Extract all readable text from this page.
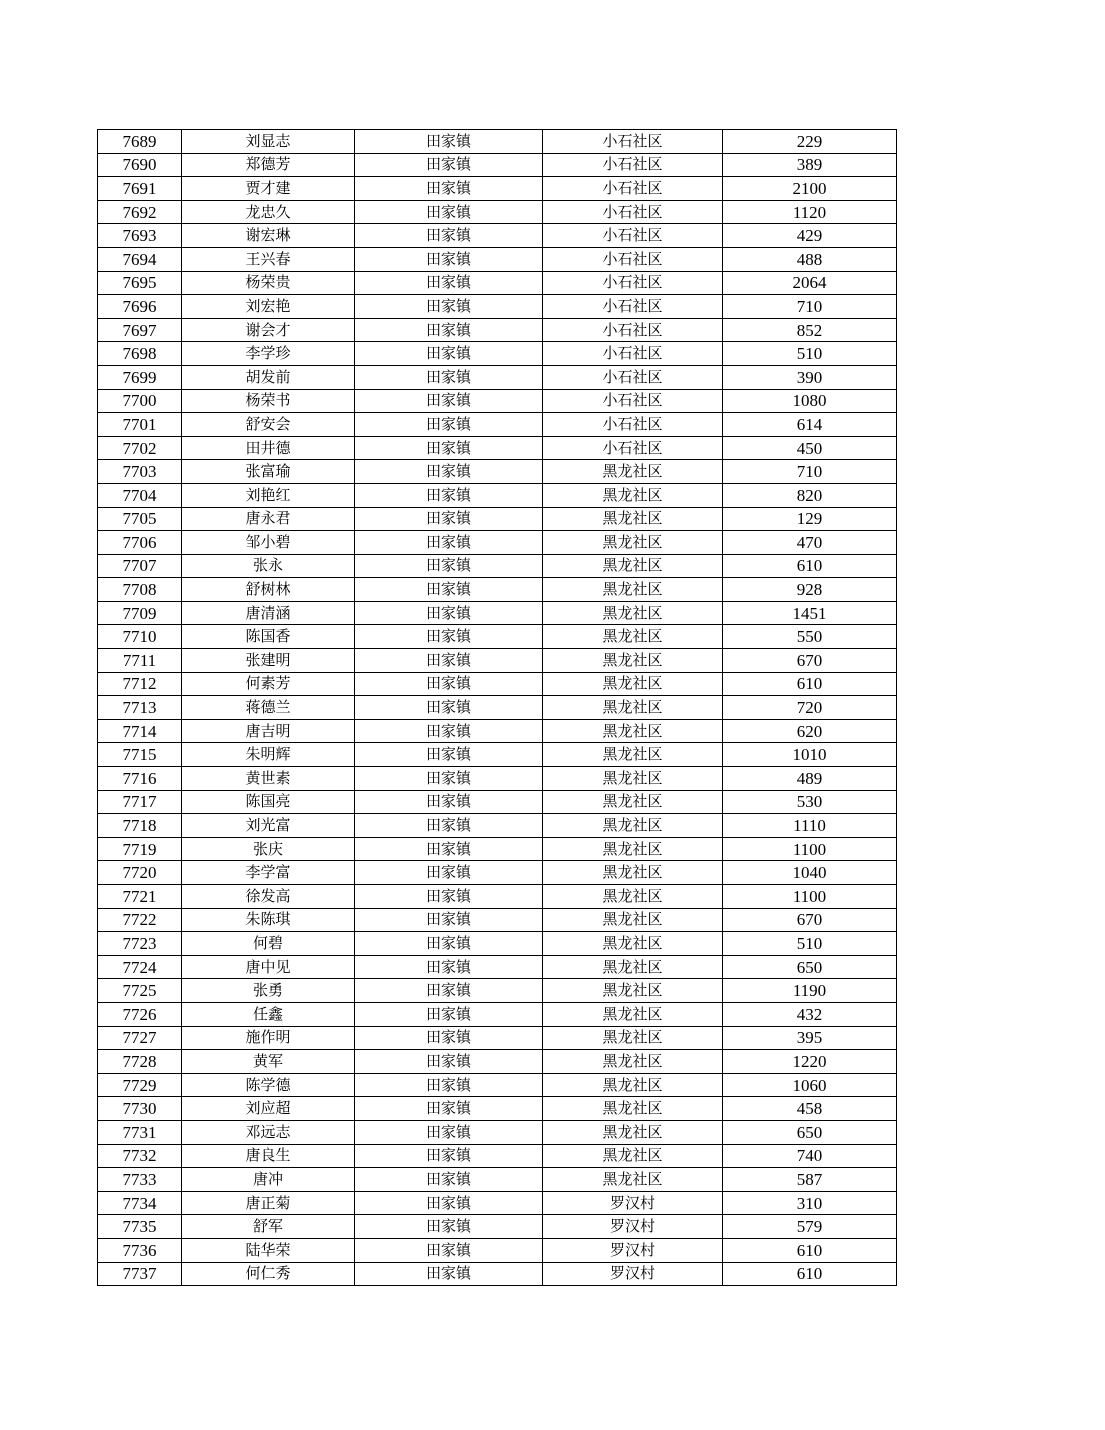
7689	刘显志	田家镇	小石社区	229
7690	郑德芳	田家镇	小石社区	389
7691	贾才建	田家镇	小石社区	2100
7692	龙忠久	田家镇	小石社区	1120
7693	谢宏琳	田家镇	小石社区	429
7694	王兴春	田家镇	小石社区	488
7695	杨荣贵	田家镇	小石社区	2064
7696	刘宏艳	田家镇	小石社区	710
7697	谢会才	田家镇	小石社区	852
7698	李学珍	田家镇	小石社区	510
7699	胡发前	田家镇	小石社区	390
7700	杨荣书	田家镇	小石社区	1080
7701	舒安会	田家镇	小石社区	614
7702	田井德	田家镇	小石社区	450
7703	张富瑜	田家镇	黑龙社区	710
7704	刘艳红	田家镇	黑龙社区	820
7705	唐永君	田家镇	黑龙社区	129
7706	邹小碧	田家镇	黑龙社区	470
7707	张永	田家镇	黑龙社区	610
7708	舒树林	田家镇	黑龙社区	928
7709	唐清涵	田家镇	黑龙社区	1451
7710	陈国香	田家镇	黑龙社区	550
7711	张建明	田家镇	黑龙社区	670
7712	何素芳	田家镇	黑龙社区	610
7713	蒋德兰	田家镇	黑龙社区	720
7714	唐吉明	田家镇	黑龙社区	620
7715	朱明辉	田家镇	黑龙社区	1010
7716	黄世素	田家镇	黑龙社区	489
7717	陈国亮	田家镇	黑龙社区	530
7718	刘光富	田家镇	黑龙社区	1110
7719	张庆	田家镇	黑龙社区	1100
7720	李学富	田家镇	黑龙社区	1040
7721	徐发高	田家镇	黑龙社区	1100
7722	朱陈琪	田家镇	黑龙社区	670
7723	何碧	田家镇	黑龙社区	510
7724	唐中见	田家镇	黑龙社区	650
7725	张勇	田家镇	黑龙社区	1190
7726	任鑫	田家镇	黑龙社区	432
7727	施作明	田家镇	黑龙社区	395
7728	黄军	田家镇	黑龙社区	1220
7729	陈学德	田家镇	黑龙社区	1060
7730	刘应超	田家镇	黑龙社区	458
7731	邓远志	田家镇	黑龙社区	650
7732	唐良生	田家镇	黑龙社区	740
7733	唐冲	田家镇	黑龙社区	587
7734	唐正菊	田家镇	罗汉村	310
7735	舒军	田家镇	罗汉村	579
7736	陆华荣	田家镇	罗汉村	610
7737	何仁秀	田家镇	罗汉村	610
